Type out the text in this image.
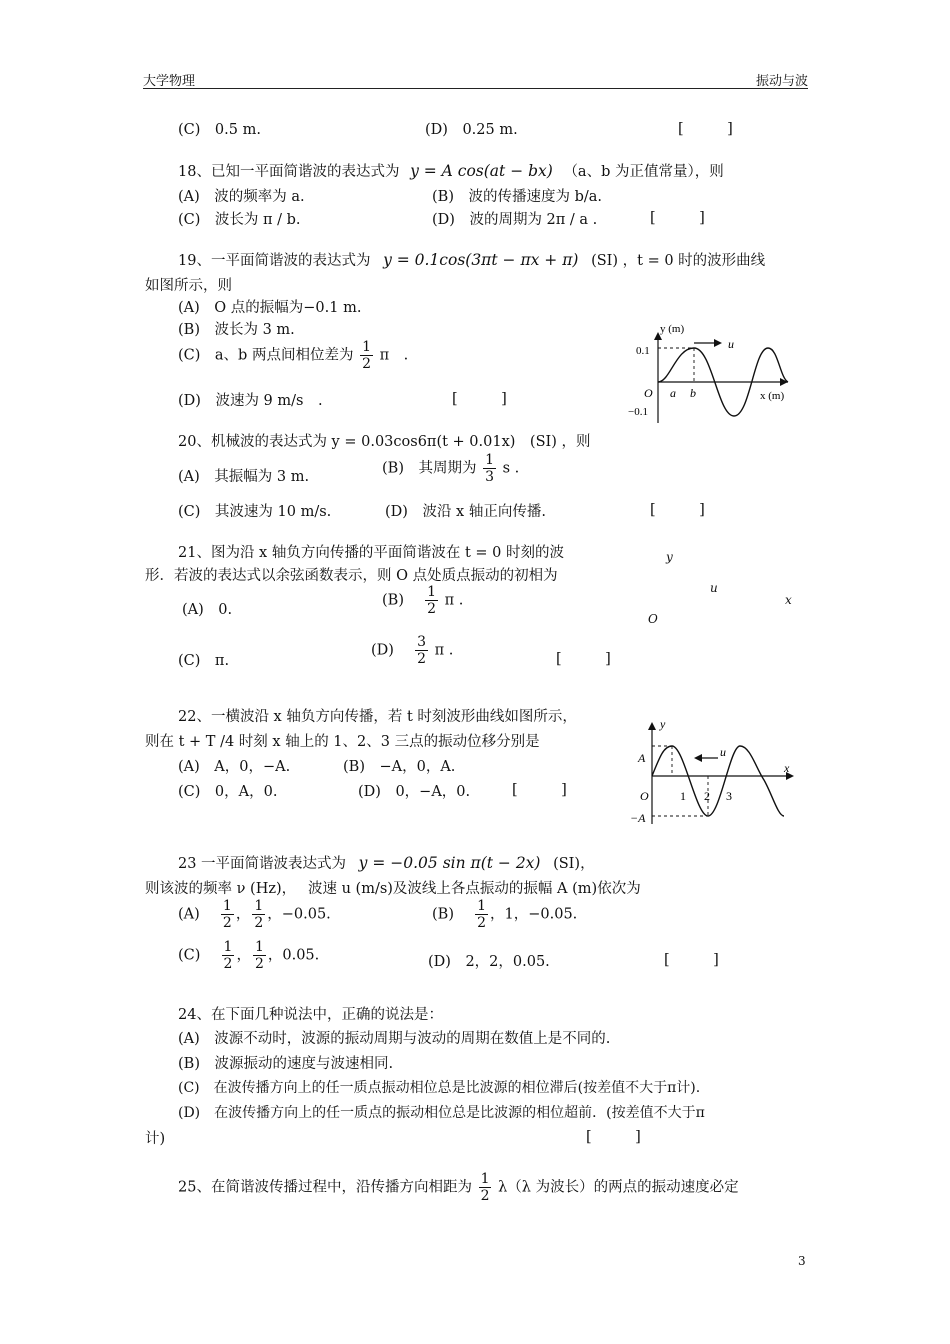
大学物理	振动与波
(C)　0.5 m.	(D)　0.25 m.	[　　　]
18、已知一平面简谐波的表达式为 y = A cos(at − bx) （a、b 为正值常量），则
(A)　波的频率为 a.	(B)　波的传播速度为 b/a.
(C)　波长为 π / b.	(D)　波的周期为 2π / a .	[　　　]
19、一平面简谐波的表达式为 y = 0.1cos(3πt − πx + π) (SI) ，t = 0 时的波形曲线
如图所示，则
(A)　O 点的振幅为−0.1 m.
(B)　波长为 3 m.
(C)　a、b 两点间相位差为 $\frac{1}{2}$ π　.
(D)　波速为 9 m/s　.	[　　　]
y (m)
0.1
−0.1
O a b
u
x (m)
20、机械波的表达式为 y = 0.03cos6π(t + 0.01x)　(SI) ，则
(A)　其振幅为 3 m.
(B)　其周期为 $\frac{1}{3}$ s .
(C)　其波速为 10 m/s.	(D)　波沿 x 轴正向传播.	[　　　]
21、图为沿 x 轴负方向传播的平面简谐波在 t = 0 时刻的波
形．若波的表达式以余弦函数表示，则 O 点处质点振动的初相为
(A)　0.
(B)　 $\frac{1}{2}$ π .
(C)　π.
(D)　 $\frac{3}{2}$ π .
[　　　]
y
u
x
O
22、一横波沿 x 轴负方向传播，若 t 时刻波形曲线如图所示，
则在 t + T /4 时刻 x 轴上的 1、2、3 三点的振动位移分别是
(A)　A，0，−A.	(B)　−A，0，A.
(C)　0，A，0.	(D)　0，−A，0.	[　　　]
y
u
x
A
−A
O	1 2 3
23 一平面简谐波表达式为 y = −0.05 sin π(t − 2x) (SI)，
则该波的频率 ν (Hz)，　 波速 u (m/s)及波线上各点振动的振幅 A (m)依次为
(A)　 $\frac{1}{2}$ ， $\frac{1}{2}$ ，−0.05.	(B)　 $\frac{1}{2}$ ，1，−0.05.
(C)　 $\frac{1}{2}$ ， $\frac{1}{2}$ ，0.05.	(D)　2，2，0.05.	[　　　]
24、在下面几种说法中，正确的说法是：
(A)　波源不动时，波源的振动周期与波动的周期在数值上是不同的.
(B)　波源振动的速度与波速相同.
(C)　在波传播方向上的任一质点振动相位总是比波源的相位滞后(按差值不大于π计).
(D)　在波传播方向上的任一质点的振动相位总是比波源的相位超前．(按差值不大于π
计)	[　　　]
25、在简谐波传播过程中，沿传播方向相距为 $\frac{1}{2} \lambda(\lambda$ 为波长）的两点的振动速度必定
3
